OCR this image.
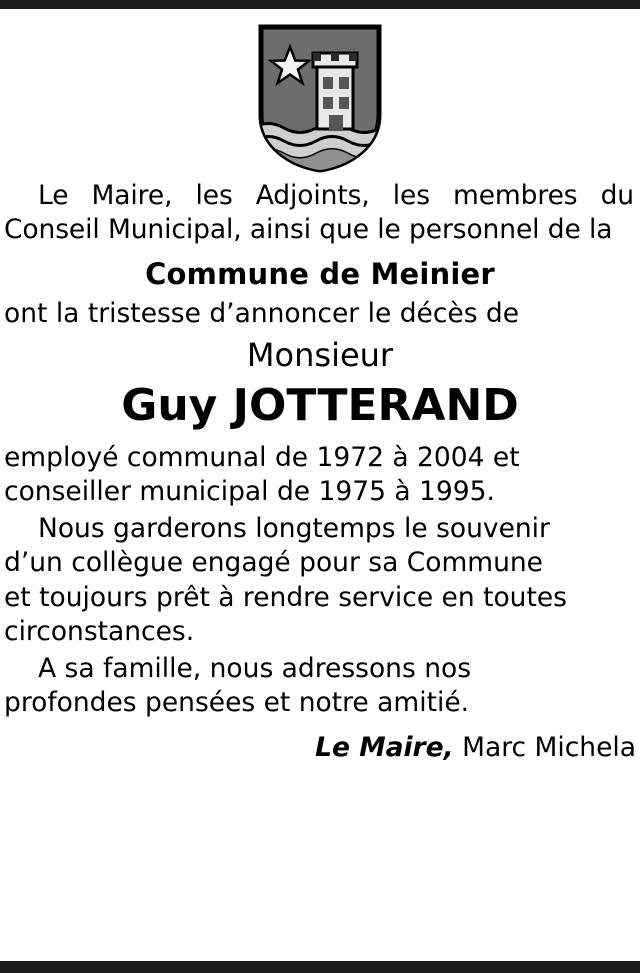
Le Maire, les Adjoints, les membres du Conseil Municipal, ainsi que le personnel de la
Commune de Meinier
ont la tristesse d’annoncer le décès de
Monsieur
Guy JOTTERAND
employé communal de 1972 à 2004 et
conseiller municipal de 1975 à 1995.
Nous garderons longtemps le souvenir
d’un collègue engagé pour sa Commune
et toujours prêt à rendre service en toutes
circonstances.
A sa famille, nous adressons nos
profondes pensées et notre amitié.
Le Maire, Marc Michela
